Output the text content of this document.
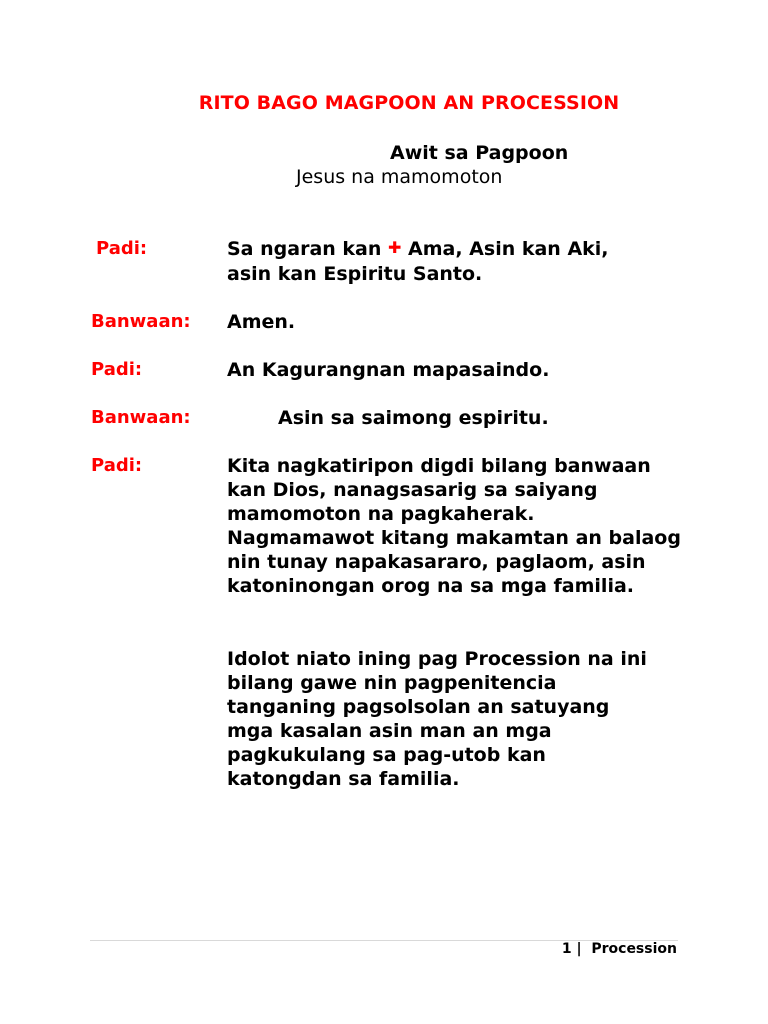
RITO BAGO MAGPOON AN PROCESSION
Awit sa Pagpoon
Jesus na mamomoton
Padi:	Sa ngaran kan ✚ Ama, Asin kan Aki,
asin kan Espiritu Santo.
Banwaan: Amen.
Padi:	An Kagurangnan mapasaindo.
Banwaan:	Asin sa saimong espiritu.
Padi:	Kita nagkatiripon digdi bilang banwaan kan Dios, nanagsasarig sa saiyang mamomoton na pagkaherak. Nagmamawot kitang makamtan an balaog nin tunay napakasararo, paglaom, asin katoninongan orog na sa mga familia.
Idolot niato ining pag Procession na ini bilang gawe nin pagpenitencia tanganing pagsolsolan an satuyang mga kasalan asin man an mga pagkukulang sa pag-utob kan katongdan sa familia.
1 |  Procession
